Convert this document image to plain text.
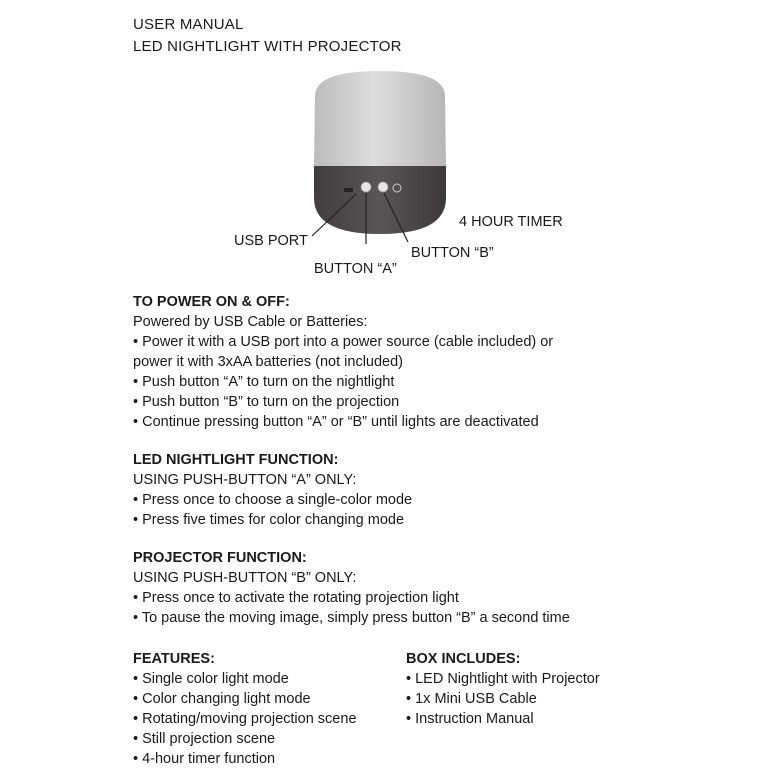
USER MANUAL
LED NIGHTLIGHT WITH PROJECTOR
4 HOUR TIMER
USB PORT
BUTTON “B”
BUTTON “A”

TO POWER ON & OFF:

Powered by USB Cable or Batteries:

• Power it with a USB port into a power source (cable included) or

power it with 3xAA batteries (not included)

• Push button “A” to turn on the nightlight

• Push button “B” to turn on the projection

• Continue pressing button “A” or “B” until lights are deactivated

LED NIGHTLIGHT FUNCTION:

USING PUSH-BUTTON “A” ONLY:

• Press once to choose a single-color mode

• Press five times for color changing mode

PROJECTOR FUNCTION:

USING PUSH-BUTTON “B” ONLY:

• Press once to activate the rotating projection light

• To pause the moving image, simply press button “B” a second time

FEATURES:

• Single color light mode

• Color changing light mode

• Rotating/moving projection scene

• Still projection scene

• 4-hour timer function

BOX INCLUDES:

• LED Nightlight with Projector

• 1x Mini USB Cable

• Instruction Manual
